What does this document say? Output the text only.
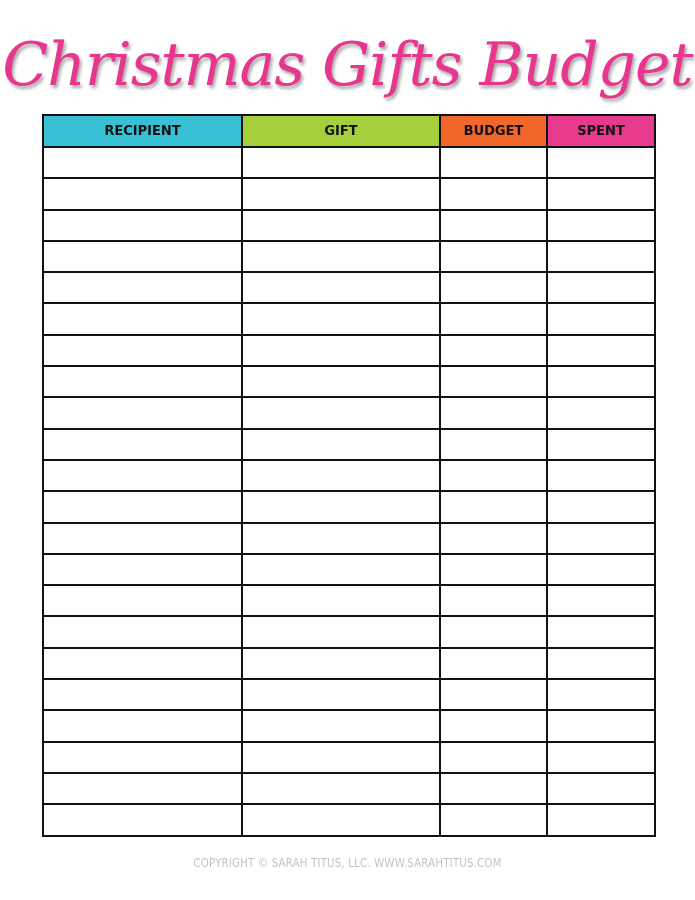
Christmas Gifts Budget
RECIPIENT	GIFT	BUDGET	SPENT

COPYRIGHT © SARAH TITUS, LLC. WWW.SARAHTITUS.COM
